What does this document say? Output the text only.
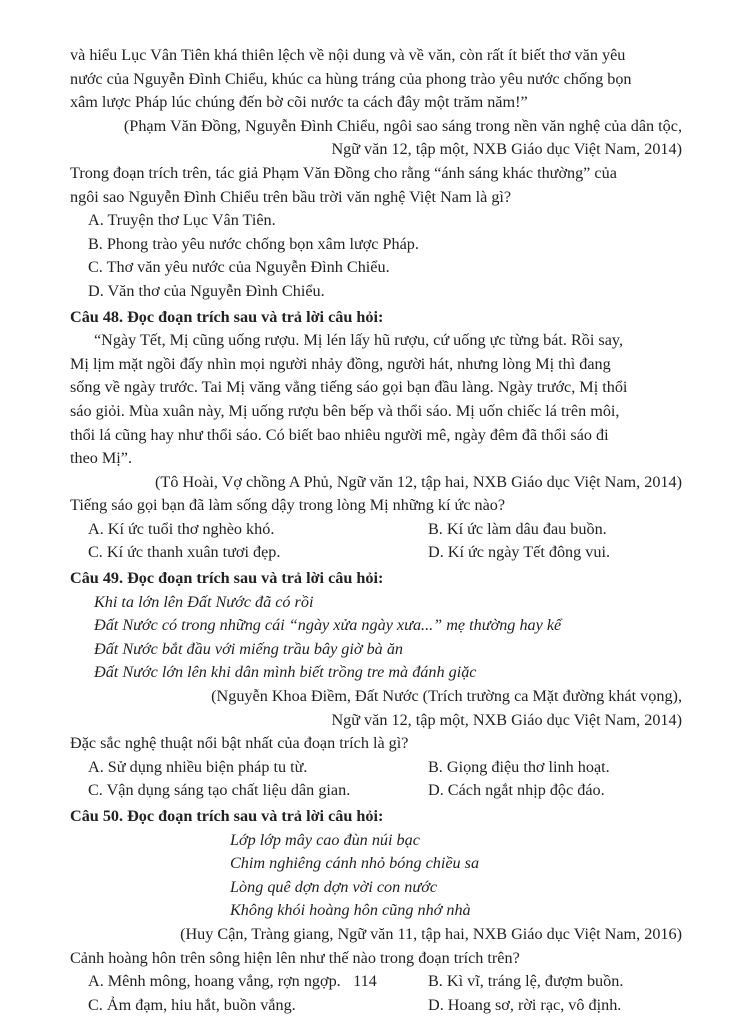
và hiểu Lục Vân Tiên khá thiên lệch về nội dung và về văn, còn rất ít biết thơ văn yêu
nước của Nguyễn Đình Chiểu, khúc ca hùng tráng của phong trào yêu nước chống bọn
xâm lược Pháp lúc chúng đến bờ cõi nước ta cách đây một trăm năm!”
(Phạm Văn Đồng, Nguyễn Đình Chiểu, ngôi sao sáng trong nền văn nghệ của dân tộc,
Ngữ văn 12, tập một, NXB Giáo dục Việt Nam, 2014)
Trong đoạn trích trên, tác giả Phạm Văn Đồng cho rằng “ánh sáng khác thường” của
ngôi sao Nguyễn Đình Chiểu trên bầu trời văn nghệ Việt Nam là gì?
A. Truyện thơ Lục Vân Tiên.
B. Phong trào yêu nước chống bọn xâm lược Pháp.
C. Thơ văn yêu nước của Nguyễn Đình Chiểu.
D. Văn thơ của Nguyễn Đình Chiểu.
Câu 48. Đọc đoạn trích sau và trả lời câu hỏi:
“Ngày Tết, Mị cũng uống rượu. Mị lén lấy hũ rượu, cứ uống ực từng bát. Rồi say,
Mị lịm mặt ngồi đấy nhìn mọi người nhảy đồng, người hát, nhưng lòng Mị thì đang
sống về ngày trước. Tai Mị văng vẳng tiếng sáo gọi bạn đầu làng. Ngày trước, Mị thổi
sáo giỏi. Mùa xuân này, Mị uống rượu bên bếp và thổi sáo. Mị uốn chiếc lá trên môi,
thổi lá cũng hay như thổi sáo. Có biết bao nhiêu người mê, ngày đêm đã thổi sáo đi
theo Mị”.
(Tô Hoài, Vợ chồng A Phủ, Ngữ văn 12, tập hai, NXB Giáo dục Việt Nam, 2014)
Tiếng sáo gọi bạn đã làm sống dậy trong lòng Mị những kí ức nào?
A. Kí ức tuổi thơ nghèo khó.	B. Kí ức làm dâu đau buồn.
C. Kí ức thanh xuân tươi đẹp.	D. Kí ức ngày Tết đông vui.
Câu 49. Đọc đoạn trích sau và trả lời câu hỏi:
Khi ta lớn lên Đất Nước đã có rồi
Đất Nước có trong những cái “ngày xửa ngày xưa...” mẹ thường hay kể
Đất Nước bắt đầu với miếng trầu bây giờ bà ăn
Đất Nước lớn lên khi dân mình biết trồng tre mà đánh giặc
(Nguyễn Khoa Điềm, Đất Nước (Trích trường ca Mặt đường khát vọng),
Ngữ văn 12, tập một, NXB Giáo dục Việt Nam, 2014)
Đặc sắc nghệ thuật nổi bật nhất của đoạn trích là gì?
A. Sử dụng nhiều biện pháp tu từ.	B. Giọng điệu thơ linh hoạt.
C. Vận dụng sáng tạo chất liệu dân gian.	D. Cách ngắt nhịp độc đáo.
Câu 50. Đọc đoạn trích sau và trả lời câu hỏi:
Lớp lớp mây cao đùn núi bạc
Chim nghiêng cánh nhỏ bóng chiều sa
Lòng quê dợn dợn vời con nước
Không khói hoàng hôn cũng nhớ nhà
(Huy Cận, Tràng giang, Ngữ văn 11, tập hai, NXB Giáo dục Việt Nam, 2016)
Cảnh hoàng hôn trên sông hiện lên như thế nào trong đoạn trích trên?
A. Mênh mông, hoang vắng, rợn ngợp.	B. Kì vĩ, tráng lệ, đượm buồn.
C. Ảm đạm, hiu hắt, buồn vắng.	D. Hoang sơ, rời rạc, vô định.
114
